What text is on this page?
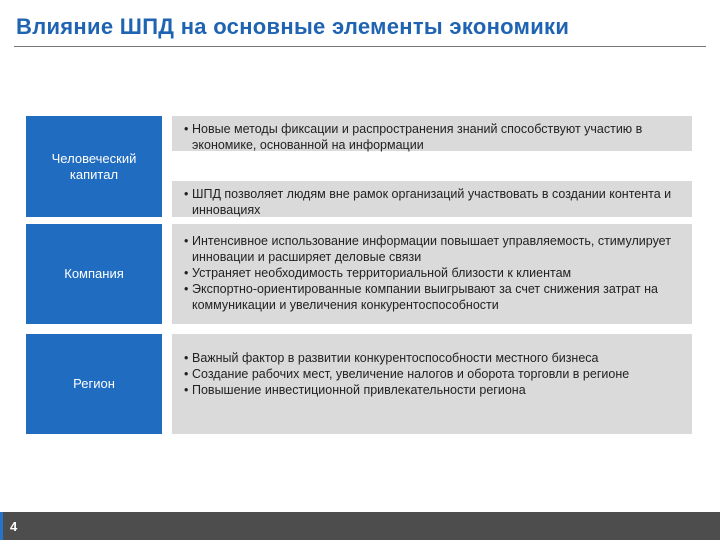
Влияние ШПД на основные элементы экономики
Человеческий капитал
• Новые методы фиксации и распространения знаний способствуют участию в экономике, основанной на информации
• ШПД позволяет людям вне рамок организаций участвовать в создании контента и инновациях
Компания
• Интенсивное использование информации повышает управляемость, стимулирует инновации и расширяет деловые связи
• Устраняет необходимость территориальной близости к клиентам
• Экспортно-ориентированные компании выигрывают за счет снижения затрат на коммуникации и увеличения конкурентоспособности
Регион
• Важный фактор в развитии конкурентоспособности местного бизнеса
• Создание рабочих мест, увеличение налогов и оборота торговли в регионе
• Повышение инвестиционной привлекательности региона
4
